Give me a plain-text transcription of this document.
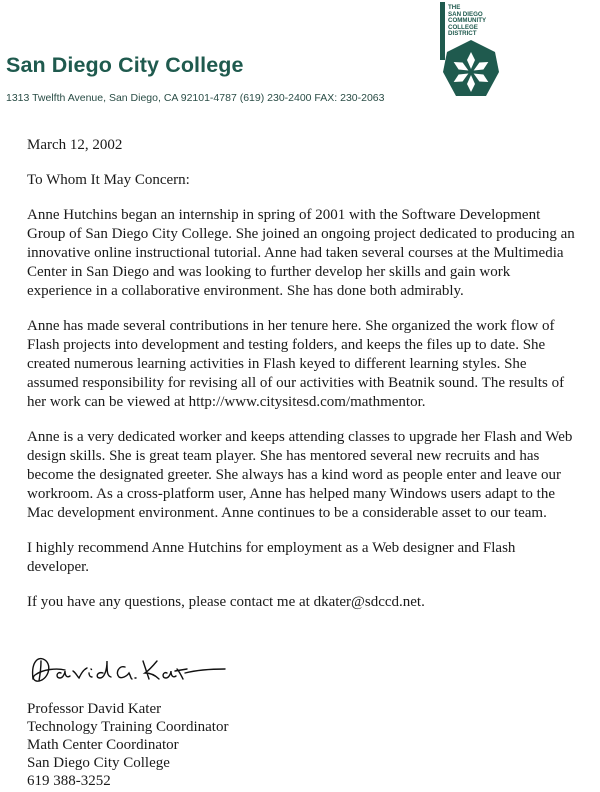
San Diego City College
1313 Twelfth Avenue, San Diego, CA 92101-4787 (619) 230-2400 FAX: 230-2063
THE
SAN DIEGO
COMMUNITY
COLLEGE
DISTRICT
March 12, 2002
To Whom It May Concern:
Anne Hutchins began an internship in spring of 2001 with the Software Development Group of San Diego City College. She joined an ongoing project dedicated to producing an innovative online instructional tutorial. Anne had taken several courses at the Multimedia Center in San Diego and was looking to further develop her skills and gain work experience in a collaborative environment. She has done both admirably.
Anne has made several contributions in her tenure here. She organized the work flow of Flash projects into development and testing folders, and keeps the files up to date. She created numerous learning activities in Flash keyed to different learning styles. She assumed responsibility for revising all of our activities with Beatnik sound. The results of her work can be viewed at http://www.citysitesd.com/mathmentor.
Anne is a very dedicated worker and keeps attending classes to upgrade her Flash and Web design skills. She is great team player. She has mentored several new recruits and has become the designated greeter. She always has a kind word as people enter and leave our workroom. As a cross-platform user, Anne has helped many Windows users adapt to the Mac development environment. Anne continues to be a considerable asset to our team.
I highly recommend Anne Hutchins for employment as a Web designer and Flash developer.
If you have any questions, please contact me at dkater@sdccd.net.
Professor David Kater
Technology Training Coordinator
Math Center Coordinator
San Diego City College
619 388-3252
